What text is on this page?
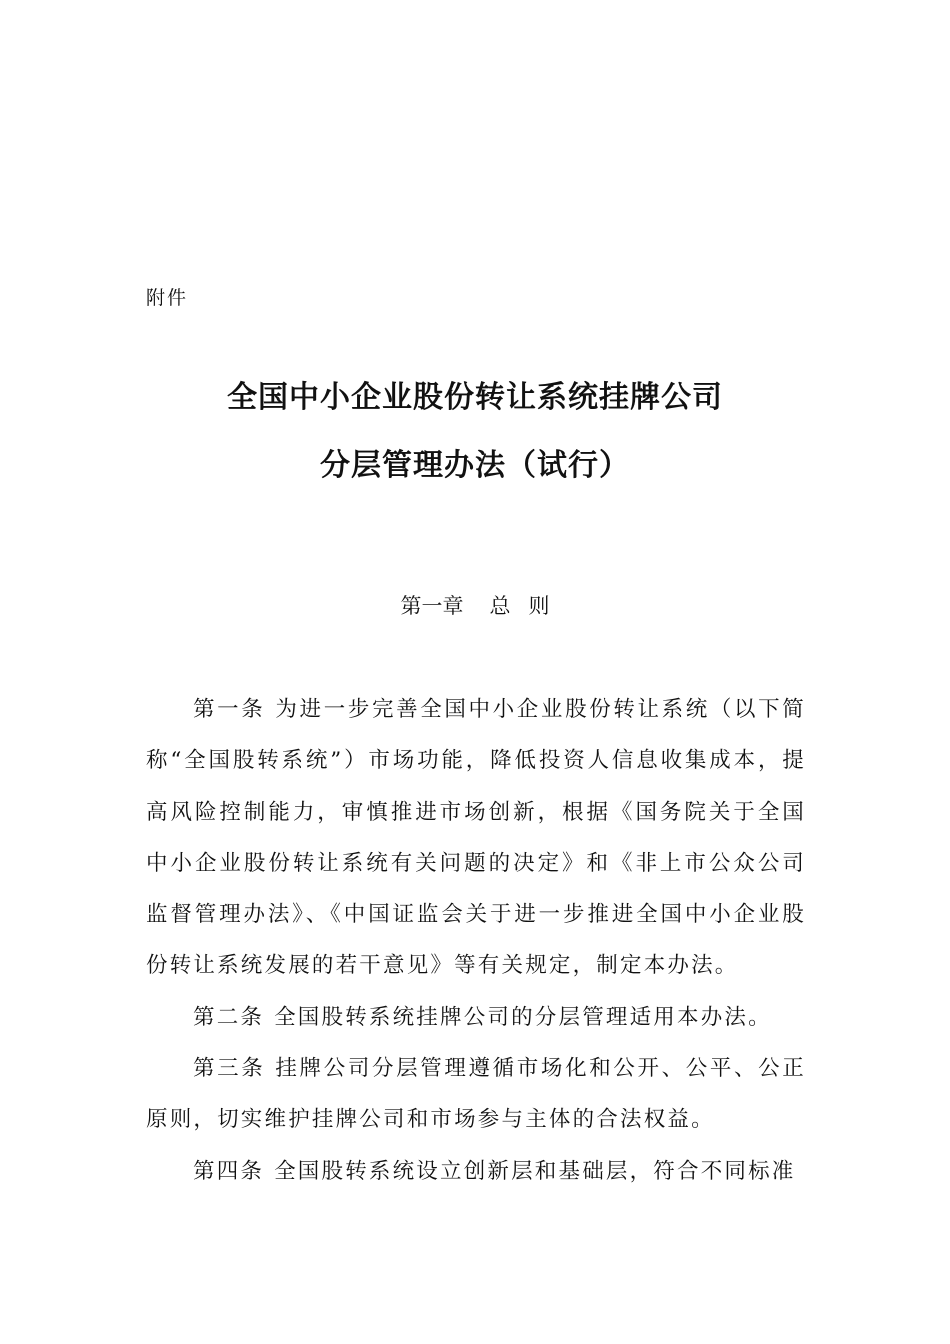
附件
全国中小企业股份转让系统挂牌公司
分层管理办法（试行）
第一章 总 则

第一条 为进一步完善全国中小企业股份转让系统（以下简称“全国股转系统”）市场功能，降低投资人信息收集成本，提高风险控制能力，审慎推进市场创新，根据《国务院关于全国中小企业股份转让系统有关问题的决定》和《非上市公众公司监督管理办法》、《中国证监会关于进一步推进全国中小企业股份转让系统发展的若干意见》等有关规定，制定本办法。

第二条 全国股转系统挂牌公司的分层管理适用本办法。

第三条 挂牌公司分层管理遵循市场化和公开、公平、公正原则，切实维护挂牌公司和市场参与主体的合法权益。

第四条 全国股转系统设立创新层和基础层，符合不同标准
